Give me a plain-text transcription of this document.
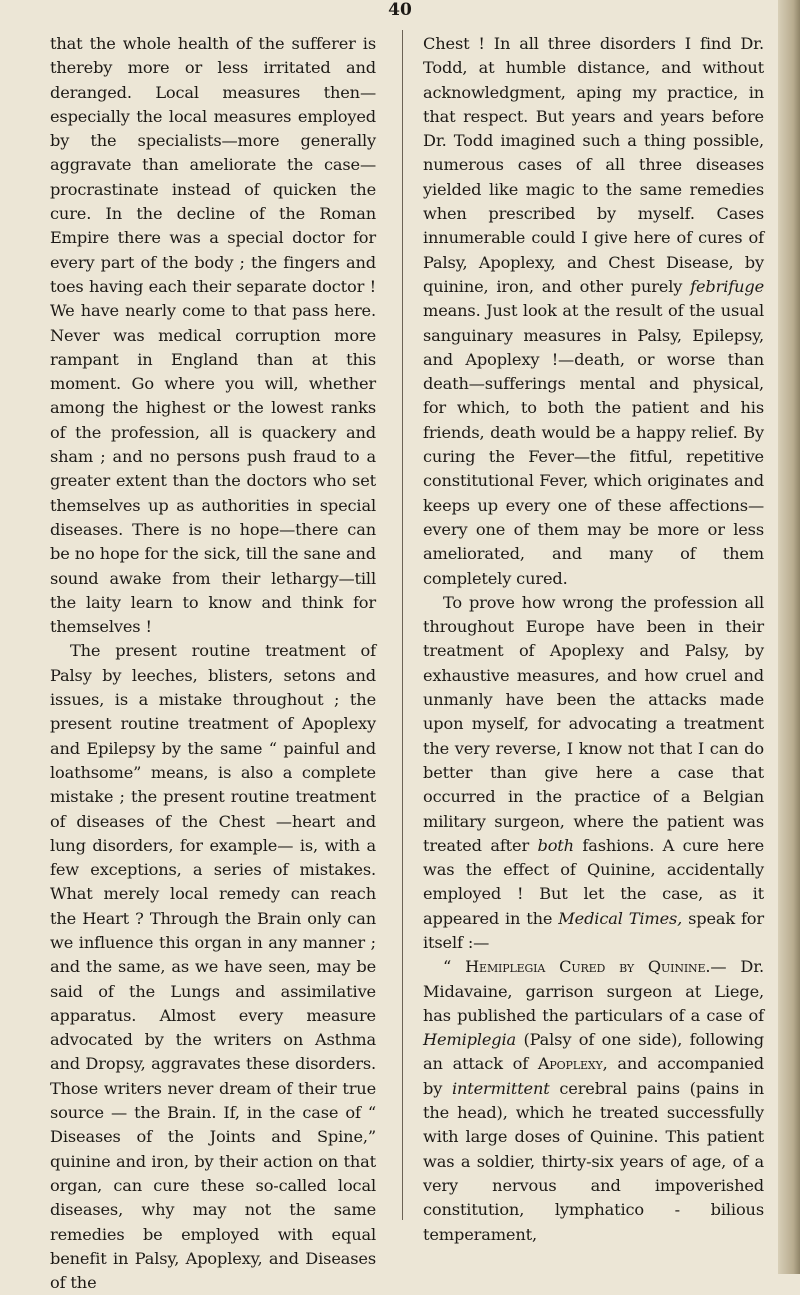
40

that the whole health of the sufferer is thereby more or less irritated and deranged. Local measures then—especially the local measures employed by the specialists—more generally aggravate than ameliorate the case—procrastinate instead of quicken the cure. In the decline of the Roman Empire there was a special doctor for every part of the body ; the fingers and toes having each their separate doctor ! We have nearly come to that pass here. Never was medical corruption more rampant in England than at this moment. Go where you will, whether among the highest or the lowest ranks of the profession, all is quackery and sham ; and no persons push fraud to a greater extent than the doctors who set themselves up as authorities in special diseases. There is no hope—there can be no hope for the sick, till the sane and sound awake from their lethargy—till the laity learn to know and think for themselves !

The present routine treatment of Palsy by leeches, blisters, setons and issues, is a mistake throughout ; the present routine treatment of Apoplexy and Epilepsy by the same “ painful and loathsome” means, is also a complete mistake ; the present routine treatment of diseases of the Chest —heart and lung disorders, for example— is, with a few exceptions, a series of mistakes. What merely local remedy can reach the Heart ? Through the Brain only can we influence this organ in any manner ; and the same, as we have seen, may be said of the Lungs and assimilative apparatus. Almost every measure advocated by the writers on Asthma and Dropsy, aggravates these disorders. Those writers never dream of their true source — the Brain. If, in the case of “ Diseases of the Joints and Spine,” quinine and iron, by their action on that organ, can cure these so-called local diseases, why may not the same remedies be employed with equal benefit in Palsy, Apoplexy, and Diseases of the

Chest ! In all three disorders I find Dr. Todd, at humble distance, and without acknowledgment, aping my practice, in that respect. But years and years before Dr. Todd imagined such a thing possible, numerous cases of all three diseases yielded like magic to the same remedies when prescribed by myself. Cases innumerable could I give here of cures of Palsy, Apoplexy, and Chest Disease, by quinine, iron, and other purely febrifuge means. Just look at the result of the usual sanguinary measures in Palsy, Epilepsy, and Apoplexy !—death, or worse than death—sufferings mental and physical, for which, to both the patient and his friends, death would be a happy relief. By curing the Fever—the fitful, repetitive constitutional Fever, which originates and keeps up every one of these affections—every one of them may be more or less ameliorated, and many of them completely cured.

To prove how wrong the profession all throughout Europe have been in their treatment of Apoplexy and Palsy, by exhaustive measures, and how cruel and unmanly have been the attacks made upon myself, for advocating a treatment the very reverse, I know not that I can do better than give here a case that occurred in the practice of a Belgian military surgeon, where the patient was treated after both fashions. A cure here was the effect of Quinine, accidentally employed ! But let the case, as it appeared in the Medical Times, speak for itself :—

“ Hemiplegia Cured by Quinine.— Dr. Midavaine, garrison surgeon at Liege, has published the particulars of a case of Hemiplegia (Palsy of one side), following an attack of Apoplexy, and accompanied by intermittent cerebral pains (pains in the head), which he treated successfully with large doses of Quinine. This patient was a soldier, thirty-six years of age, of a very nervous and impoverished constitution, lymphatico - bilious temperament,
